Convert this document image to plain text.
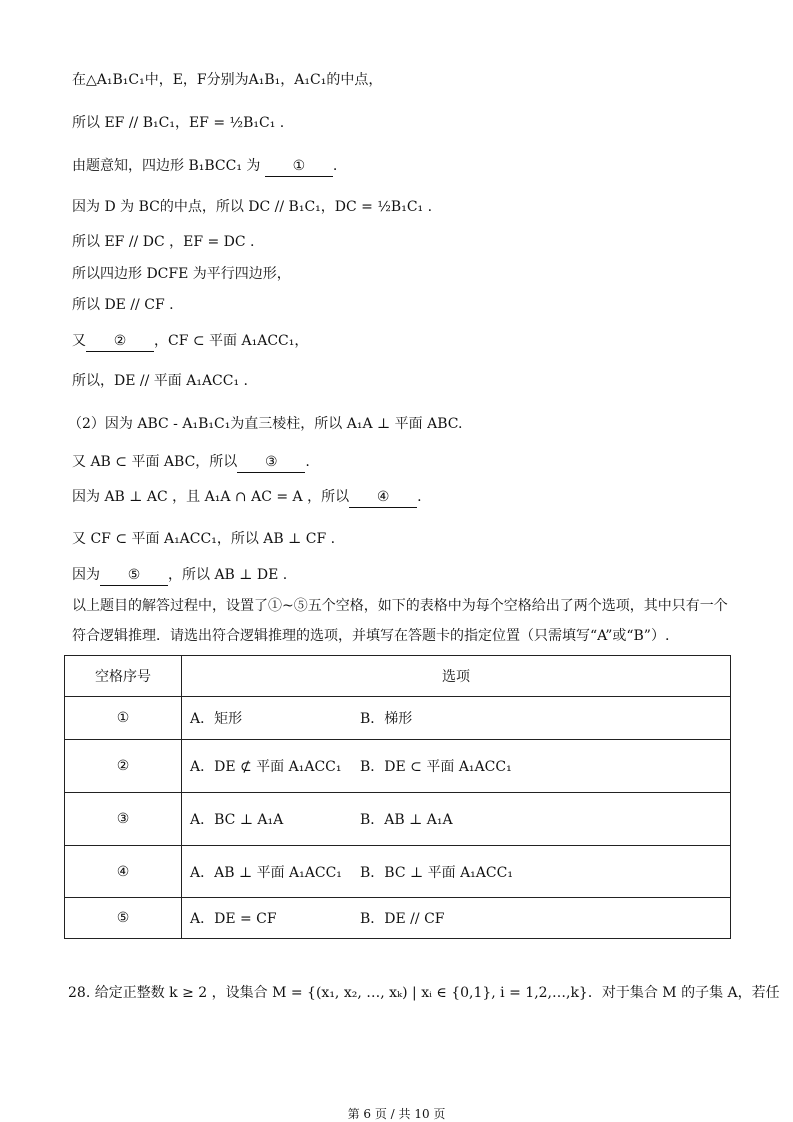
在△A₁B₁C₁中，E，F分别为A₁B₁，A₁C₁的中点，
所以 EF // B₁C₁，EF = ½B₁C₁ .
由题意知，四边形 B₁BCC₁ 为 ① .
因为 D 为 BC的中点，所以 DC // B₁C₁，DC = ½B₁C₁ .
所以 EF // DC ，EF = DC .
所以四边形 DCFE 为平行四边形，
所以 DE // CF .
又 ② ，CF ⊂ 平面 A₁ACC₁，
所以，DE // 平面 A₁ACC₁ .
（2）因为 ABC - A₁B₁C₁为直三棱柱，所以 A₁A ⊥ 平面 ABC.
又 AB ⊂ 平面 ABC，所以 ③ .
因为 AB ⊥ AC ，且 A₁A ∩ AC = A ，所以 ④ .
又 CF ⊂ 平面 A₁ACC₁，所以 AB ⊥ CF .
因为 ⑤ ，所以 AB ⊥ DE .
以上题目的解答过程中，设置了①~⑤五个空格，如下的表格中为每个空格给出了两个选项，其中只有一个
符合逻辑推理．请选出符合逻辑推理的选项，并填写在答题卡的指定位置（只需填写“A”或“B”）.
空格序号	选项
①	A．矩形 B．梯形
②	A．DE ⊄ 平面 A₁ACC₁ B．DE ⊂ 平面 A₁ACC₁
③	A．BC ⊥ A₁A B．AB ⊥ A₁A
④	A．AB ⊥ 平面 A₁ACC₁ B．BC ⊥ 平面 A₁ACC₁
⑤	A．DE = CF B．DE // CF
28. 给定正整数 k ≥ 2 ，设集合 M = {(x₁, x₂, …, xₖ) | xᵢ ∈ {0,1}, i = 1,2,…,k}．对于集合 M 的子集 A，若任
第 6 页 / 共 10 页
